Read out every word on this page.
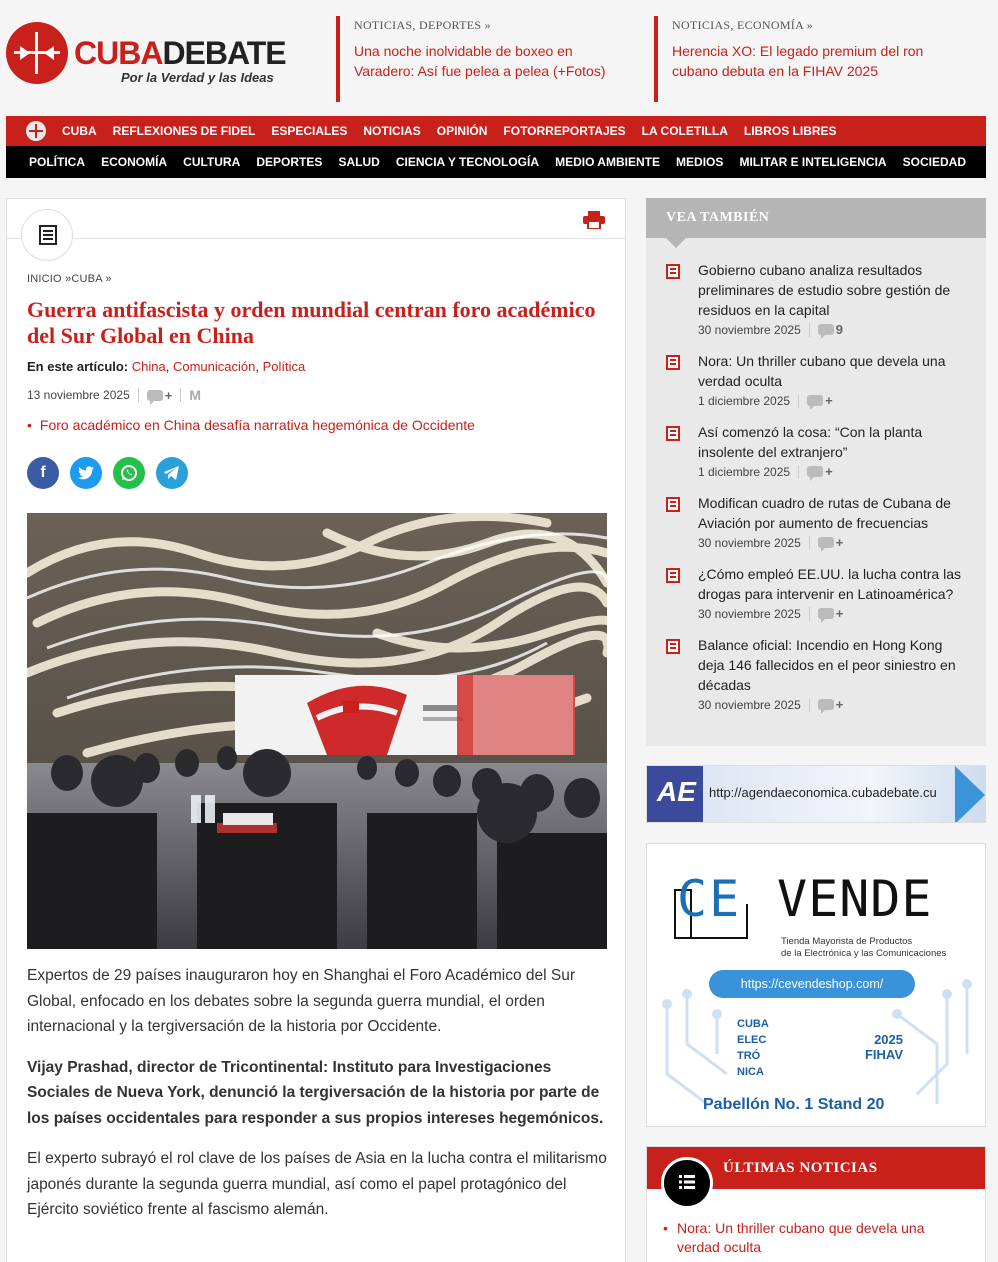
CUBADEBATE
Por la Verdad y las Ideas
NOTICIAS, DEPORTES »
Una noche inolvidable de boxeo en Varadero: Así fue pelea a pelea (+Fotos)
NOTICIAS, ECONOMÍA »
Herencia XO: El legado premium del ron cubano debuta en la FIHAV 2025
CUBA REFLEXIONES DE FIDEL ESPECIALES NOTICIAS OPINIÓN FOTORREPORTAJES LA COLETILLA LIBROS LIBRES
POLÍTICA ECONOMÍA CULTURA DEPORTES SALUD CIENCIA Y TECNOLOGÍA MEDIO AMBIENTE MEDIOS MILITAR E INTELIGENCIA SOCIEDAD
INICIO »CUBA »
Guerra antifascista y orden mundial centran foro académico del Sur Global en China
En este artículo: China, Comunicación, Política
13 noviembre 2025	+ M
• Foro académico en China desafía narrativa hegemónica de Occidente
f

Expertos de 29 países inauguraron hoy en Shanghai el Foro Académico del Sur Global, enfocado en los debates sobre la segunda guerra mundial, el orden internacional y la tergiversación de la historia por Occidente.

Vijay Prashad, director de Tricontinental: Instituto para Investigaciones Sociales de Nueva York, denunció la tergiversación de la historia por parte de los países occidentales para responder a sus propios intereses hegemónicos.

El experto subrayó el rol clave de los países de Asia en la lucha contra el militarismo japonés durante la segunda guerra mundial, así como el papel protagónico del Ejército soviético frente al fascismo alemán.

VEA TAMBIÉN
Gobierno cubano analiza resultados preliminares de estudio sobre gestión de residuos en la capital
30 noviembre 2025	9
Nora: Un thriller cubano que devela una verdad oculta
1 diciembre 2025	+
Así comenzó la cosa: “Con la planta insolente del extranjero”
1 diciembre 2025	+
Modifican cuadro de rutas de Cubana de Aviación por aumento de frecuencias
30 noviembre 2025	+
¿Cómo empleó EE.UU. la lucha contra las drogas para intervenir en Latinoamérica?
30 noviembre 2025	+
Balance oficial: Incendio en Hong Kong deja 146 fallecidos en el peor siniestro en décadas
30 noviembre 2025	+
AE http://agendaeconomica.cubadebate.cu
CE VENDE
Tienda Mayorista de Productos
de la Electrónica y las Comunicaciones
https://cevendeshop.com/
CUBA ELEC TRÓ NICA
2025 FIHAV
Pabellón No. 1 Stand 20
ÚLTIMAS NOTICIAS
• Nora: Un thriller cubano que devela una verdad oculta
